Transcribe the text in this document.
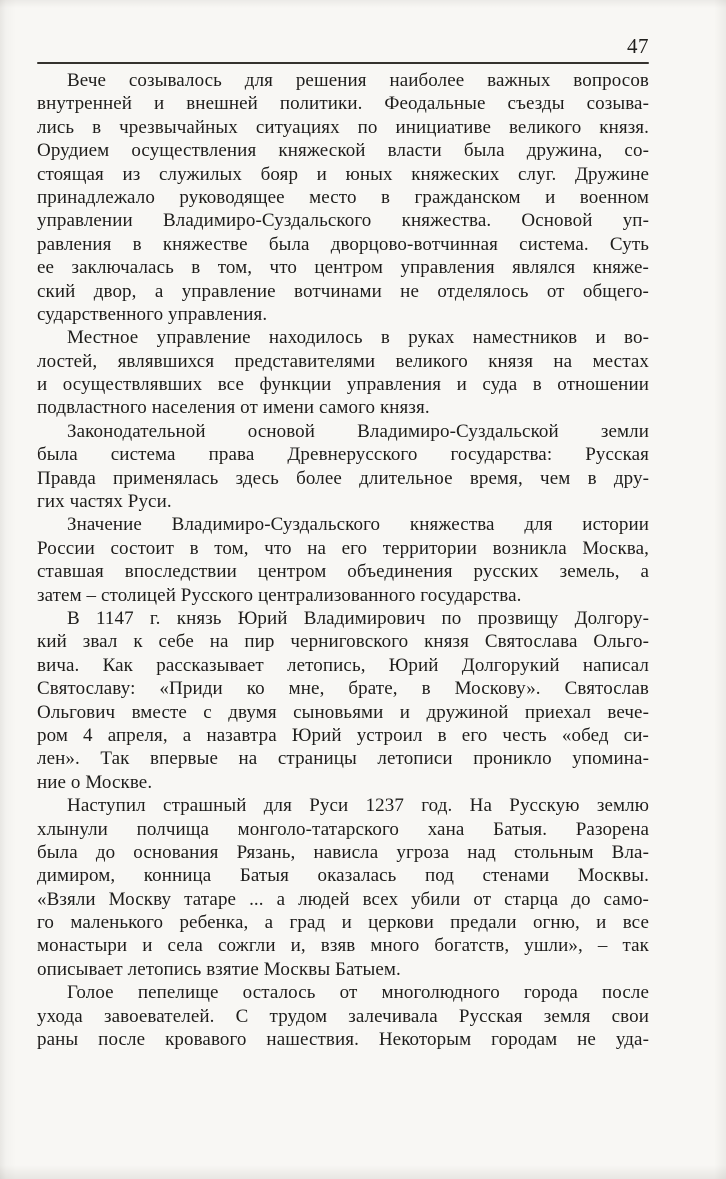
47
Вече созывалось для решения наиболее важных вопросов
внутренней и внешней политики. Феодальные съезды созыва-
лись в чрезвычайных ситуациях по инициативе великого князя.
Орудием осуществления княжеской власти была дружина, со-
стоящая из служилых бояр и юных княжеских слуг. Дружине
принадлежало руководящее место в гражданском и военном
управлении Владимиро-Суздальского княжества. Основой уп-
равления в княжестве была дворцово-вотчинная система. Суть
ее заключалась в том, что центром управления являлся княже-
ский двор, а управление вотчинами не отделялось от общего-
сударственного управления.
Местное управление находилось в руках наместников и во-
лостей, являвшихся представителями великого князя на местах
и осуществлявших все функции управления и суда в отношении
подвластного населения от имени самого князя.
Законодательной основой Владимиро-Суздальской земли
была система права Древнерусского государства: Русская
Правда применялась здесь более длительное время, чем в дру-
гих частях Руси.
Значение Владимиро-Суздальского княжества для истории
России состоит в том, что на его территории возникла Москва,
ставшая впоследствии центром объединения русских земель, а
затем – столицей Русского централизованного государства.
В 1147 г. князь Юрий Владимирович по прозвищу Долгору-
кий звал к себе на пир черниговского князя Святослава Ольго-
вича. Как рассказывает летопись, Юрий Долгорукий написал
Святославу: «Приди ко мне, брате, в Москову». Святослав
Ольгович вместе с двумя сыновьями и дружиной приехал вече-
ром 4 апреля, а назавтра Юрий устроил в его честь «обед си-
лен». Так впервые на страницы летописи проникло упомина-
ние о Москве.
Наступил страшный для Руси 1237 год. На Русскую землю
хлынули полчища монголо-татарского хана Батыя. Разорена
была до основания Рязань, нависла угроза над стольным Вла-
димиром, конница Батыя оказалась под стенами Москвы.
«Взяли Москву татаре ... а людей всех убили от старца до само-
го маленького ребенка, а град и церкови предали огню, и все
монастыри и села сожгли и, взяв много богатств, ушли», – так
описывает летопись взятие Москвы Батыем.
Голое пепелище осталось от многолюдного города после
ухода завоевателей. С трудом залечивала Русская земля свои
раны после кровавого нашествия. Некоторым городам не уда-
